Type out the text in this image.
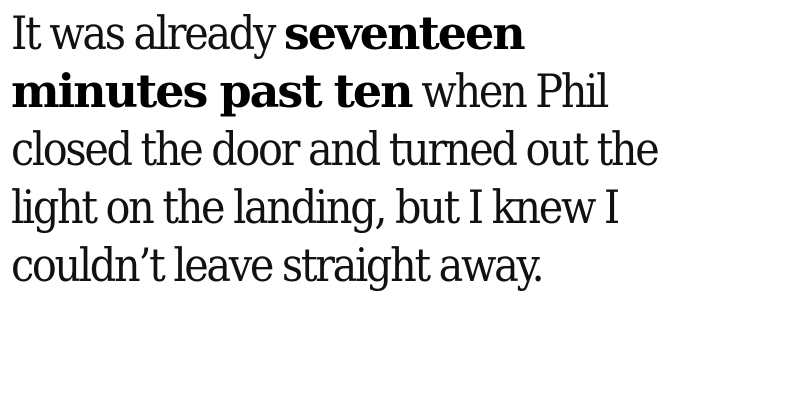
It was already seventeen
minutes past ten when Phil
closed the door and turned out the
light on the landing, but I knew I
couldn’t leave straight away.
